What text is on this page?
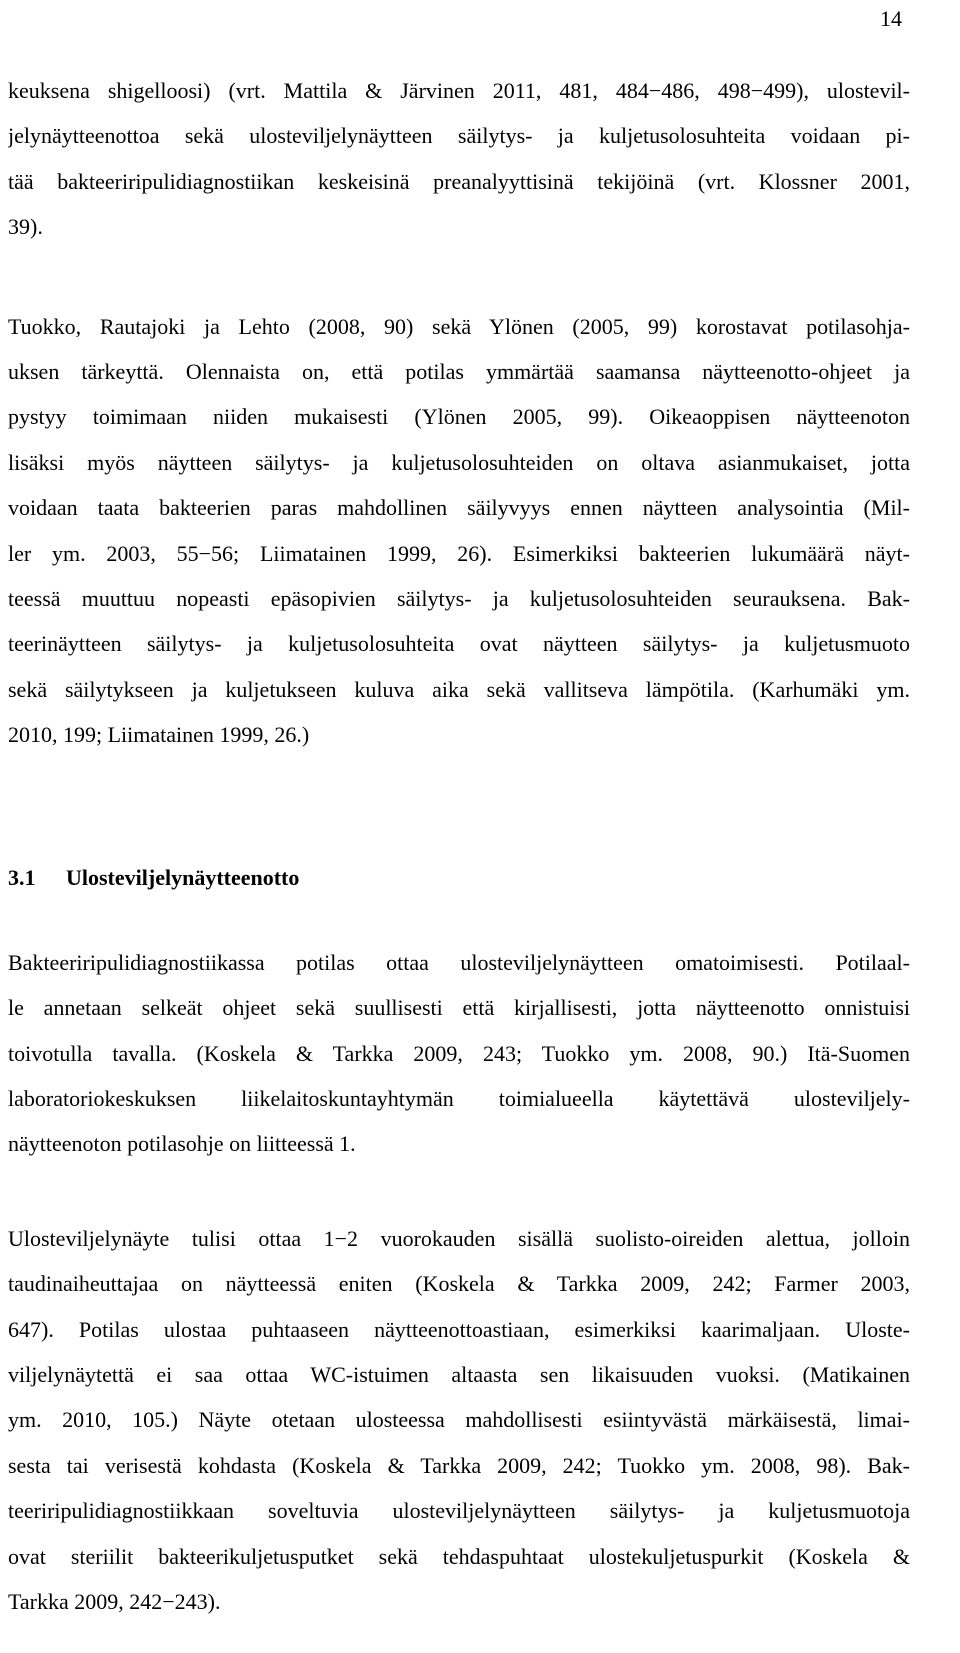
14

keuksena shigelloosi) (vrt. Mattila & Järvinen 2011, 481, 484−486, 498−499), ulostevil-
jelynäytteenottoa sekä ulosteviljelynäytteen säilytys- ja kuljetusolosuhteita voidaan pi-
tää bakteeriripulidiagnostiikan keskeisinä preanalyyttisinä tekijöinä (vrt. Klossner 2001,
39).

Tuokko, Rautajoki ja Lehto (2008, 90) sekä Ylönen (2005, 99) korostavat potilasohja-
uksen tärkeyttä. Olennaista on, että potilas ymmärtää saamansa näytteenotto-ohjeet ja
pystyy toimimaan niiden mukaisesti (Ylönen 2005, 99). Oikeaoppisen näytteenoton
lisäksi myös näytteen säilytys- ja kuljetusolosuhteiden on oltava asianmukaiset, jotta
voidaan taata bakteerien paras mahdollinen säilyvyys ennen näytteen analysointia (Mil-
ler ym. 2003, 55−56; Liimatainen 1999, 26). Esimerkiksi bakteerien lukumäärä näyt-
teessä muuttuu nopeasti epäsopivien säilytys- ja kuljetusolosuhteiden seurauksena. Bak-
teerinäytteen säilytys- ja kuljetusolosuhteita ovat näytteen säilytys- ja kuljetusmuoto
sekä säilytykseen ja kuljetukseen kuluva aika sekä vallitseva lämpötila. (Karhumäki ym.
2010, 199; Liimatainen 1999, 26.)

3.1	Ulosteviljelynäytteenotto

Bakteeriripulidiagnostiikassa potilas ottaa ulosteviljelynäytteen omatoimisesti. Potilaal-
le annetaan selkeät ohjeet sekä suullisesti että kirjallisesti, jotta näytteenotto onnistuisi
toivotulla tavalla. (Koskela & Tarkka 2009, 243; Tuokko ym. 2008, 90.) Itä-Suomen
laboratoriokeskuksen liikelaitoskuntayhtymän toimialueella käytettävä ulosteviljely-
näytteenoton potilasohje on liitteessä 1.

Ulosteviljelynäyte tulisi ottaa 1−2 vuorokauden sisällä suolisto-oireiden alettua, jolloin
taudinaiheuttajaa on näytteessä eniten (Koskela & Tarkka 2009, 242; Farmer 2003,
647). Potilas ulostaa puhtaaseen näytteenottoastiaan, esimerkiksi kaarimaljaan. Uloste-
viljelynäytettä ei saa ottaa WC-istuimen altaasta sen likaisuuden vuoksi. (Matikainen
ym. 2010, 105.) Näyte otetaan ulosteessa mahdollisesti esiintyvästä märkäisestä, limai-
sesta tai verisestä kohdasta (Koskela & Tarkka 2009, 242; Tuokko ym. 2008, 98). Bak-
teeriripulidiagnostiikkaan soveltuvia ulosteviljelynäytteen säilytys- ja kuljetusmuotoja
ovat steriilit bakteerikuljetusputket sekä tehdaspuhtaat ulostekuljetuspurkit (Koskela &
Tarkka 2009, 242−243).
